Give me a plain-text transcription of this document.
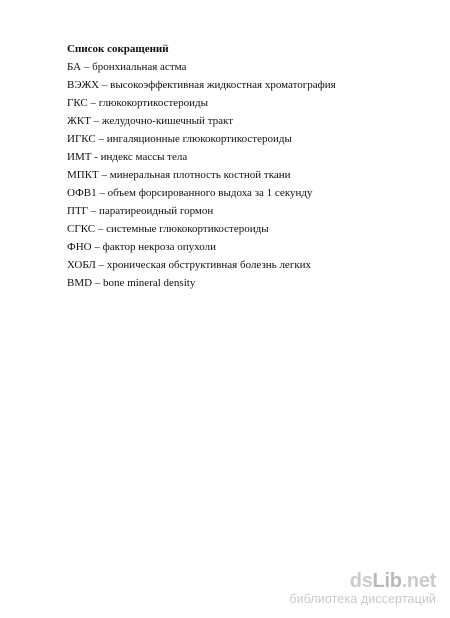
Список сокращений
БА – бронхиальная астма
ВЭЖХ – высокоэффективная жидкостная хроматография
ГКС – глюкокортикостероиды
ЖКТ – желудочно-кишечный тракт
ИГКС – ингаляционные глюкокортикостероиды
ИМТ - индекс массы тела
МПКТ – минеральная плотность костной ткани
ОФВ1 – объем форсированного выдоха за 1 секунду
ПТГ – паратиреоидный гормон
СГКС – системные глюкокортикостероиды
ФНО – фактор некроза опухоли
ХОБЛ – хроническая обструктивная болезнь легких
BMD – bone mineral density
dsLib.net
библиотека диссертаций
